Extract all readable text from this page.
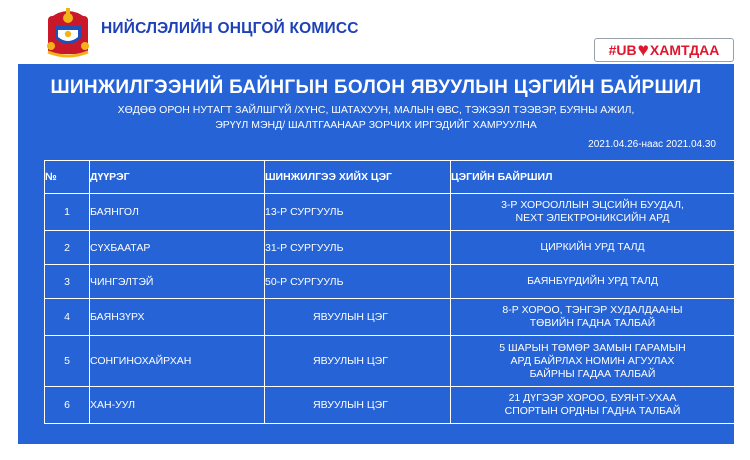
НИЙСЛЭЛИЙН ОНЦГОЙ КОМИСС
#UB ♥ ХАМТДАА
ШИНЖИЛГЭЭНИЙ БАЙНГЫН БОЛОН ЯВУУЛЫН ЦЭГИЙН БАЙРШИЛ
ХӨДӨӨ ОРОН НУТАГТ ЗАЙЛШГҮЙ /ХҮНС, ШАТАХУУН, МАЛЫН ӨВС, ТЭЖЭЭЛ ТЭЭВЭР, БУЯНЫ АЖИЛ,
ЭРҮҮЛ МЭНД/ ШАЛТГААНААР ЗОРЧИХ ИРГЭДИЙГ ХАМРУУЛНА
2021.04.26-наас 2021.04.30
№	ДҮҮРЭГ	ШИНЖИЛГЭЭ ХИЙХ ЦЭГ	ЦЭГИЙН БАЙРШИЛ
1	БАЯНГОЛ	13-Р СУРГУУЛЬ	3-Р ХОРООЛЛЫН ЭЦСИЙН БУУДАЛ,
NEXT ЭЛЕКТРОНИКСИЙН АРД

2	СҮХБААТАР	31-Р СУРГУУЛЬ	ЦИРКИЙН УРД ТАЛД

3	ЧИНГЭЛТЭЙ	50-Р СУРГУУЛЬ	БАЯНБҮРДИЙН УРД ТАЛД

4	БАЯНЗҮРХ	ЯВУУЛЫН ЦЭГ	8-Р ХОРОО, ТЭНГЭР ХУДАЛДААНЫ
ТӨВИЙН ГАДНА ТАЛБАЙ

5	СОНГИНОХАЙРХАН	ЯВУУЛЫН ЦЭГ	5 ШАРЫН ТӨМӨР ЗАМЫН ГАРАМЫН
АРД БАЙРЛАХ НОМИН АГУУЛАХ
БАЙРНЫ ГАДАА ТАЛБАЙ

6	ХАН-УУЛ	ЯВУУЛЫН ЦЭГ	21 ДҮГЭЭР ХОРОО, БУЯНТ-УХАА
СПОРТЫН ОРДНЫ ГАДНА ТАЛБАЙ
